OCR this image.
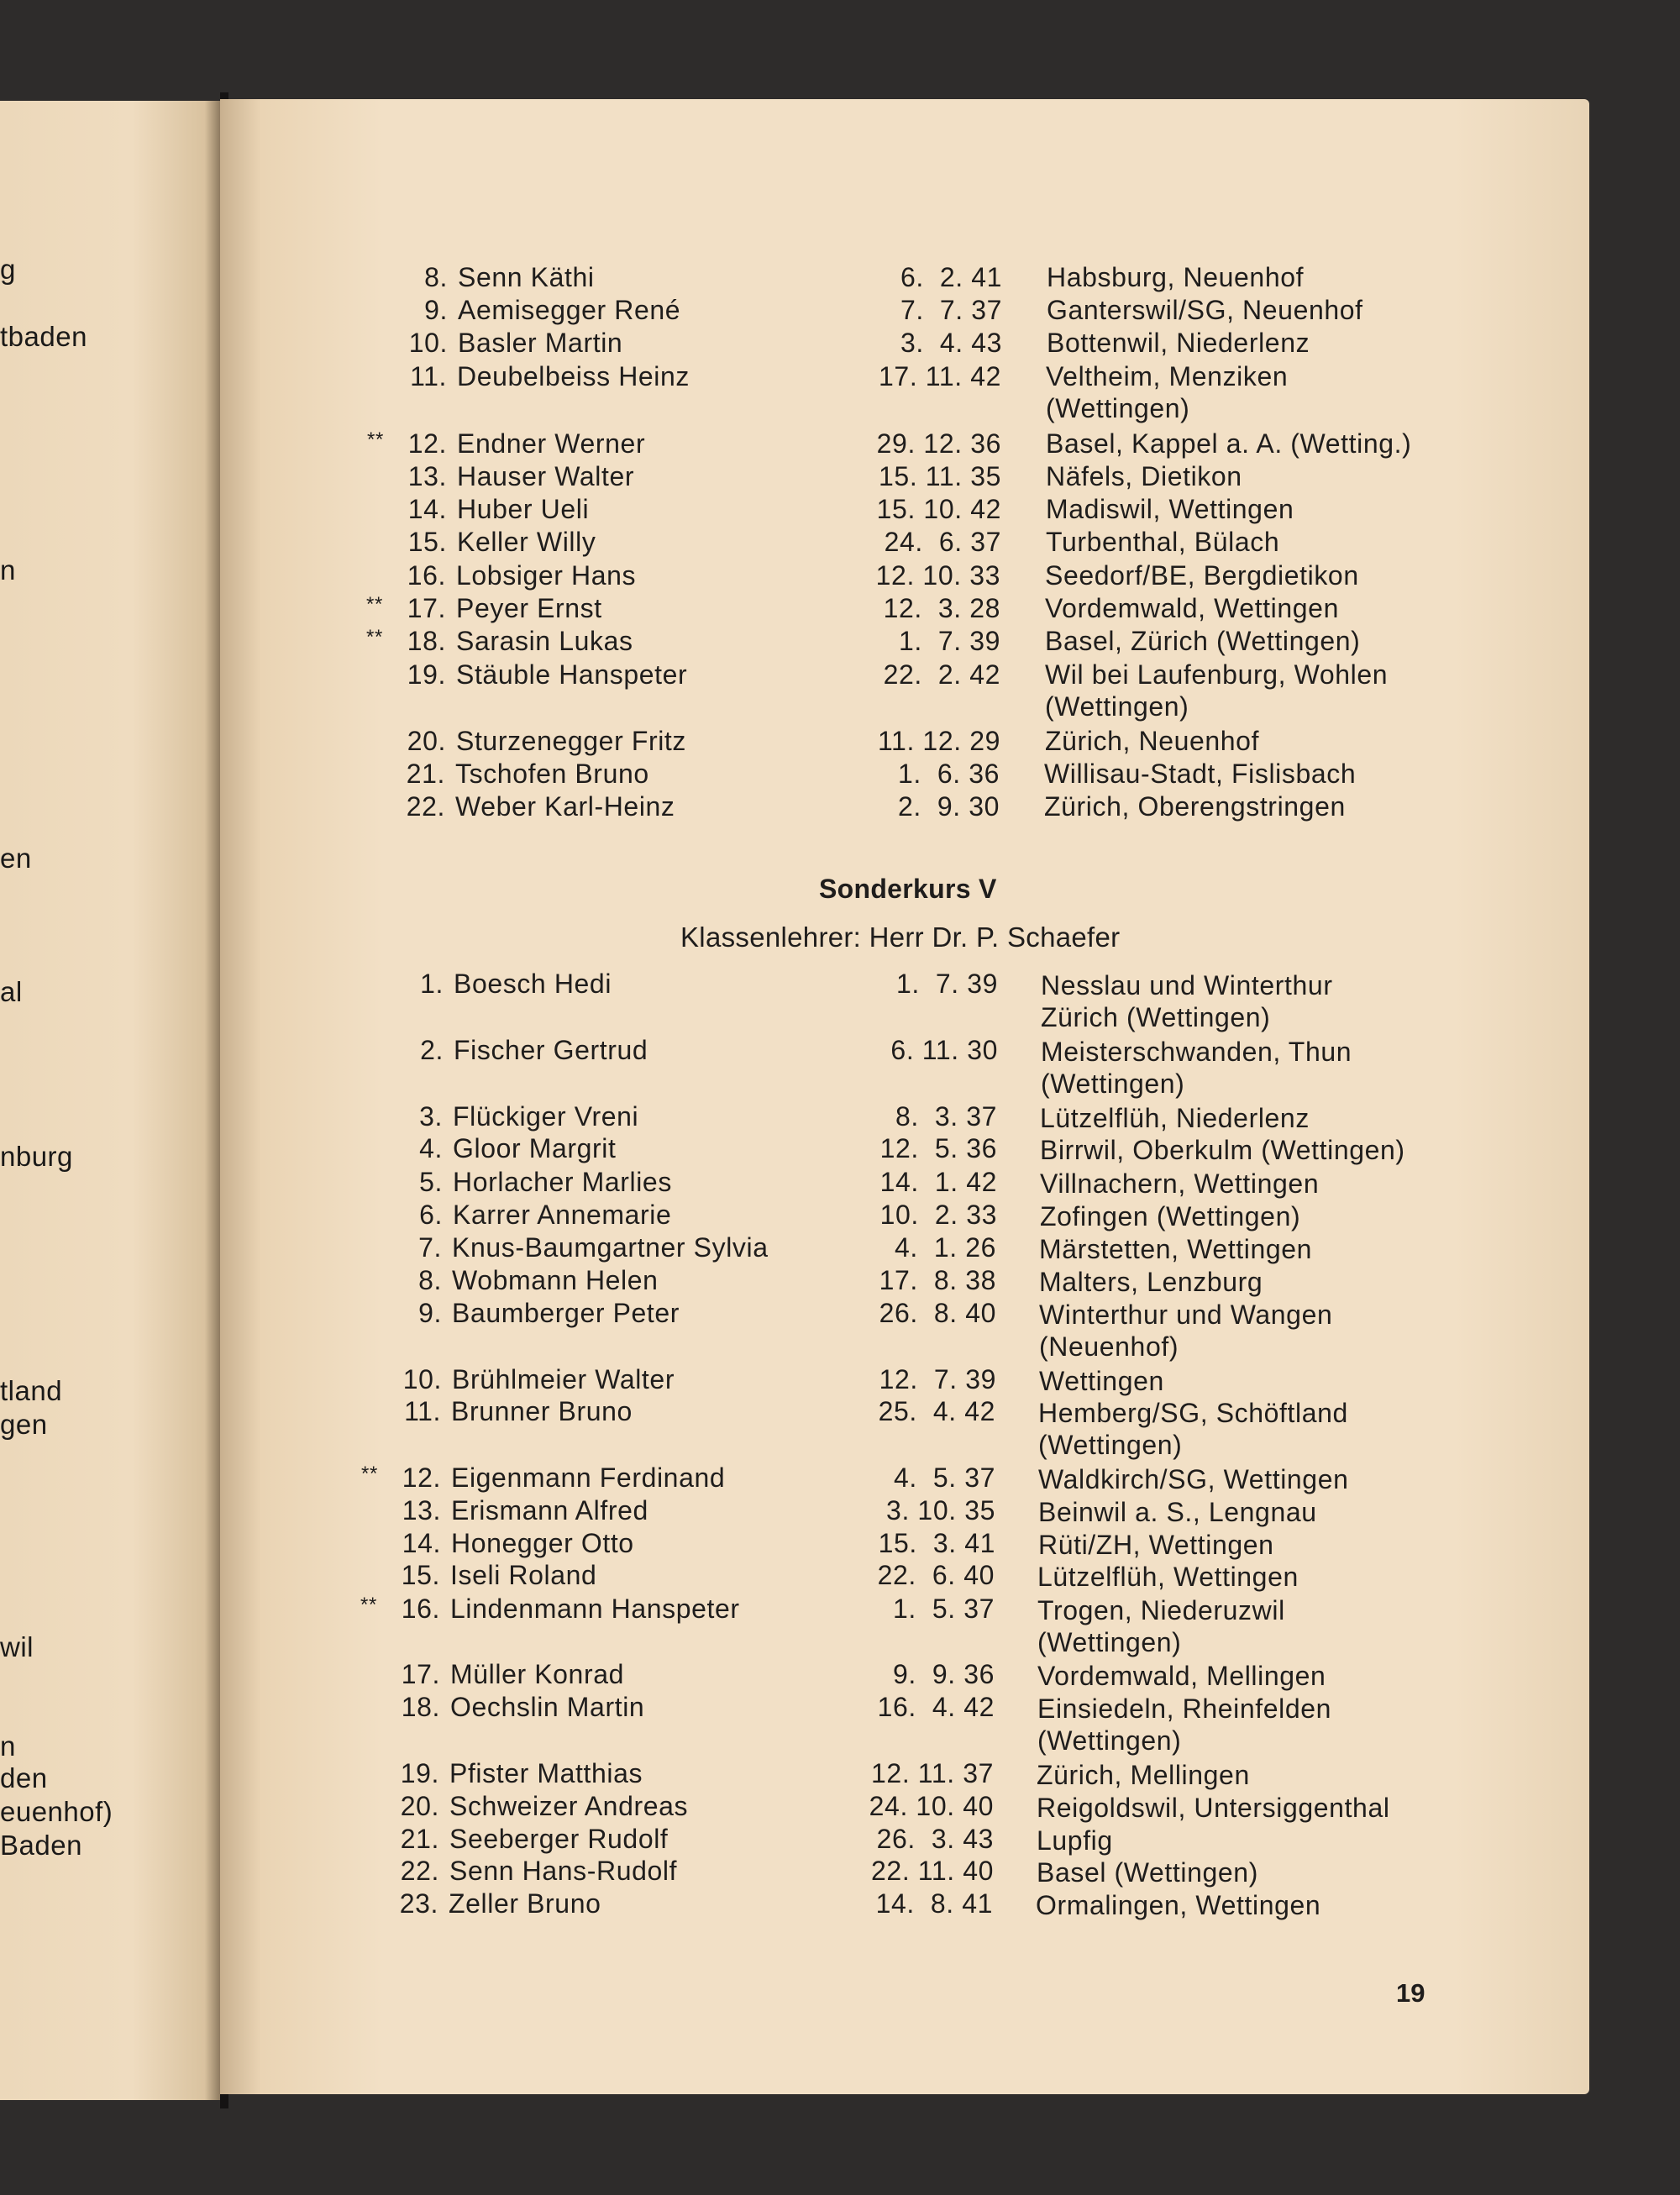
g
tbaden
n
en
al
nburg
tland
gen
wil
n
den
euenhof)
Baden
8. Senn Käthi	6.  2. 41 Habsburg, Neuenhof
9. Aemisegger René	7.  7. 37 Ganterswil/SG, Neuenhof
10. Basler Martin	3.  4. 43 Bottenwil, Niederlenz
11. Deubelbeiss Heinz	17. 11. 42 Veltheim, Menziken
(Wettingen)
** 12. Endner Werner	29. 12. 36 Basel, Kappel a. A. (Wetting.)
13. Hauser Walter	15. 11. 35 Näfels, Dietikon
14. Huber Ueli	15. 10. 42 Madiswil, Wettingen
15. Keller Willy	24.  6. 37 Turbenthal, Bülach
16. Lobsiger Hans	12. 10. 33 Seedorf/BE, Bergdietikon
** 17. Peyer Ernst	12.  3. 28 Vordemwald, Wettingen
** 18. Sarasin Lukas	1.  7. 39 Basel, Zürich (Wettingen)
19. Stäuble Hanspeter	22.  2. 42 Wil bei Laufenburg, Wohlen
(Wettingen)
20. Sturzenegger Fritz	11. 12. 29 Zürich, Neuenhof
21. Tschofen Bruno	1.  6. 36 Willisau-Stadt, Fislisbach
22. Weber Karl-Heinz	2.  9. 30 Zürich, Oberengstringen
Sonderkurs V
Klassenlehrer: Herr Dr. P. Schaefer
1. Boesch Hedi	1.  7. 39 Nesslau und Winterthur
Zürich (Wettingen)
2. Fischer Gertrud	6. 11. 30 Meisterschwanden, Thun
(Wettingen)
3. Flückiger Vreni	8.  3. 37 Lützelflüh, Niederlenz
4. Gloor Margrit	12.  5. 36 Birrwil, Oberkulm (Wettingen)
5. Horlacher Marlies	14.  1. 42 Villnachern, Wettingen
6. Karrer Annemarie	10.  2. 33 Zofingen (Wettingen)
7. Knus-Baumgartner Sylvia	4.  1. 26 Märstetten, Wettingen
8. Wobmann Helen	17.  8. 38 Malters, Lenzburg
9. Baumberger Peter	26.  8. 40 Winterthur und Wangen
(Neuenhof)
10. Brühlmeier Walter	12.  7. 39 Wettingen
11. Brunner Bruno	25.  4. 42 Hemberg/SG, Schöftland
(Wettingen)
** 12. Eigenmann Ferdinand	4.  5. 37 Waldkirch/SG, Wettingen
13. Erismann Alfred	3. 10. 35 Beinwil a. S., Lengnau
14. Honegger Otto	15.  3. 41 Rüti/ZH, Wettingen
15. Iseli Roland	22.  6. 40 Lützelflüh, Wettingen
** 16. Lindenmann Hanspeter	1.  5. 37 Trogen, Niederuzwil
(Wettingen)
17. Müller Konrad	9.  9. 36 Vordemwald, Mellingen
18. Oechslin Martin	16.  4. 42 Einsiedeln, Rheinfelden
(Wettingen)
19. Pfister Matthias	12. 11. 37 Zürich, Mellingen
20. Schweizer Andreas	24. 10. 40 Reigoldswil, Untersiggenthal
21. Seeberger Rudolf	26.  3. 43 Lupfig
22. Senn Hans-Rudolf	22. 11. 40 Basel (Wettingen)
23. Zeller Bruno	14.  8. 41 Ormalingen, Wettingen
19
